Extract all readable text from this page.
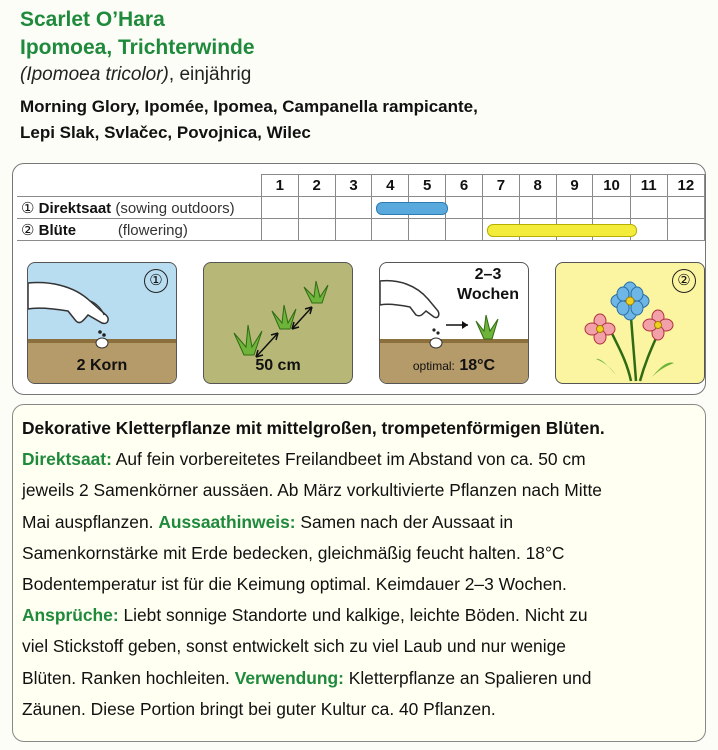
Scarlet O’Hara
Ipomoea, Trichterwinde
(Ipomoea tricolor), einjährig
Morning Glory, Ipomée, Ipomea, Campanella rampicante,
Lepi Slak, Svlačec, Povojnica, Wilec
	1	2	3	4	5	6	7	8	9	10	11	12
① Direktsaat (sowing outdoors)				

② Blüte (flowering)							

①
2 Korn	50 cm
2–3
Wochen
optimal: 18°C
②

Dekorative Kletterpflanze mit mittelgroßen, trompetenförmigen Blüten.

Direktsaat: Auf fein vorbereitetes Freilandbeet im Abstand von ca. 50 cm

jeweils 2 Samenkörner aussäen. Ab März vorkultivierte Pflanzen nach Mitte

Mai auspflanzen. Aussaathinweis: Samen nach der Aussaat in

Samenkornstärke mit Erde bedecken, gleichmäßig feucht halten. 18°C

Bodentemperatur ist für die Keimung optimal. Keimdauer 2–3 Wochen.

Ansprüche: Liebt sonnige Standorte und kalkige, leichte Böden. Nicht zu

viel Stickstoff geben, sonst entwickelt sich zu viel Laub und nur wenige

Blüten. Ranken hochleiten. Verwendung: Kletterpflanze an Spalieren und

Zäunen. Diese Portion bringt bei guter Kultur ca. 40 Pflanzen.
